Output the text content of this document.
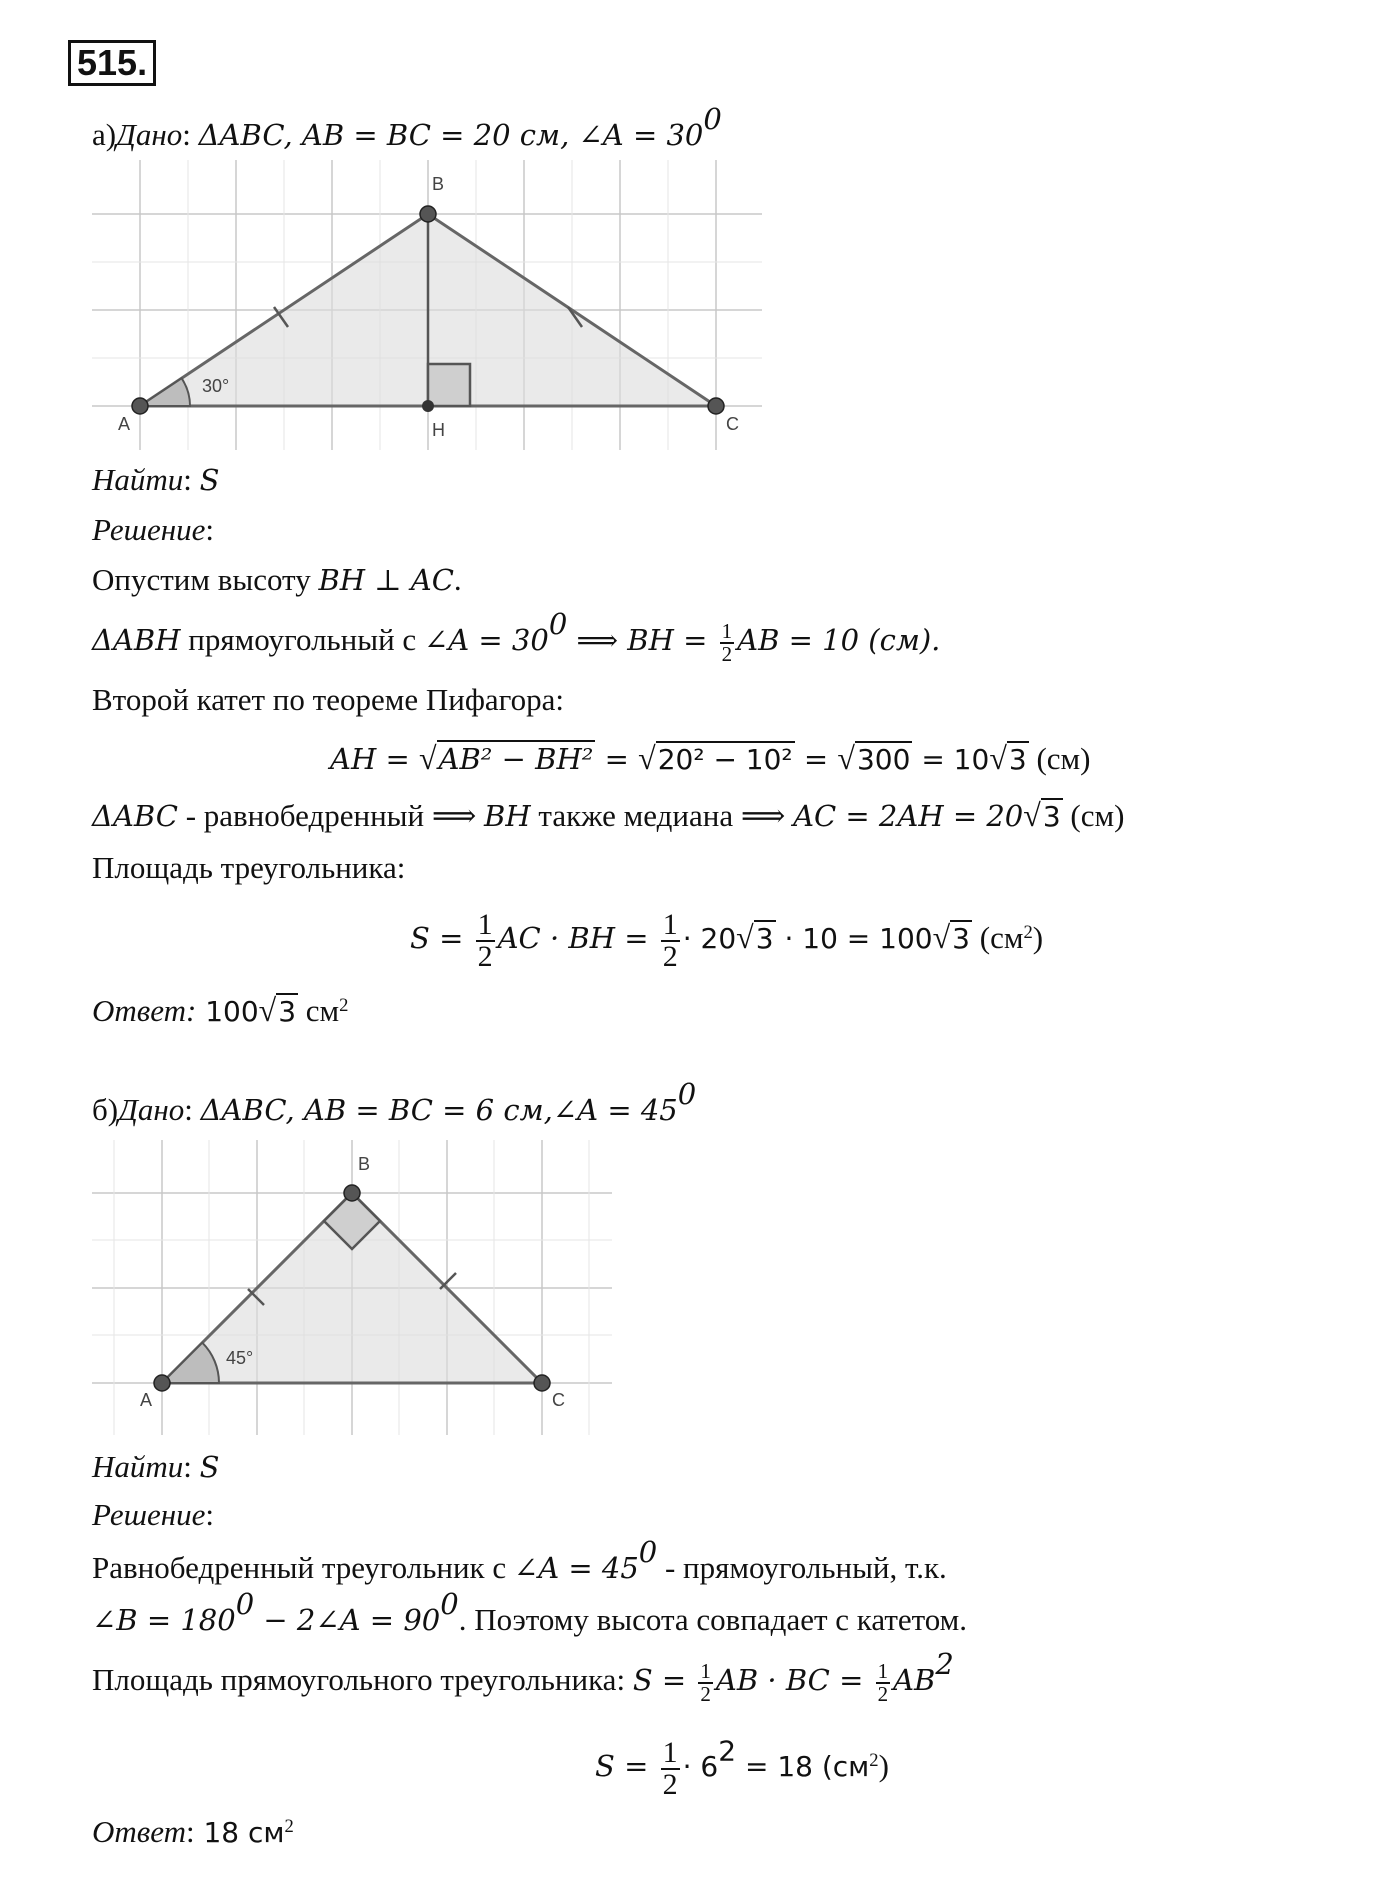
515.
а)Дано: ΔABC, AB = BC = 20 см, ∠A = $30^0$
30°
A
B
C
H
Найти: S
Решение:
Опустим высоту BH ⊥ AC.
ΔABH прямоугольный с ∠A = $30^0$ ⟹ BH = $\frac{1}{2}$ AB = 10 (см).
Второй катет по теореме Пифагора:
AH = √AB² − BH² = √20² − 10² = √300 = 10√3 (см)
ΔABC - равнобедренный ⟹ BH также медиана ⟹ AC = 2AH = 20√3 (см)
Площадь треугольника:
$S = \frac{1}{2}$ AC · BH = $\frac{1}{2} \cdot 20√3 \cdot 10 = 100√3$ $(см^2)$
Ответ: 100√3 $см^2$
б)Дано: ΔABC, AB = BC = 6 см,∠A = $45^0$
45°
A
B
C
Найти: S
Решение:
Равнобедренный треугольник с ∠A = $45^0$ - прямоугольный, т.к.
∠B = $180^0$ − 2∠A = $90^0$. Поэтому высота совпадает с катетом.
Площадь прямоугольного треугольника: $S = \frac{1}{2}$ AB · BC = $\frac{1}{2} AB^2$
$S = \frac{1}{2} \cdot 6^2 = 18$ $(см^2)$
Ответ: 18 $см^2$
